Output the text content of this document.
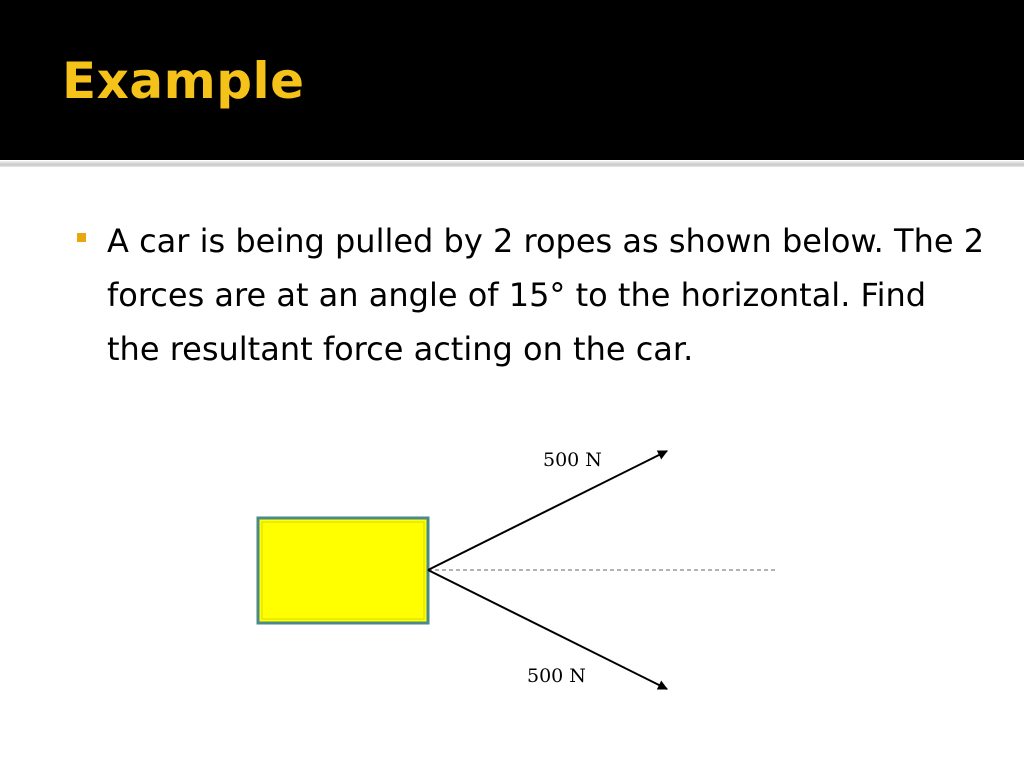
Example

A car is being pulled by 2 ropes as shown below. The 2 forces are at an angle of 15° to the horizontal. Find the resultant force acting on the car.

500 N
500 N
